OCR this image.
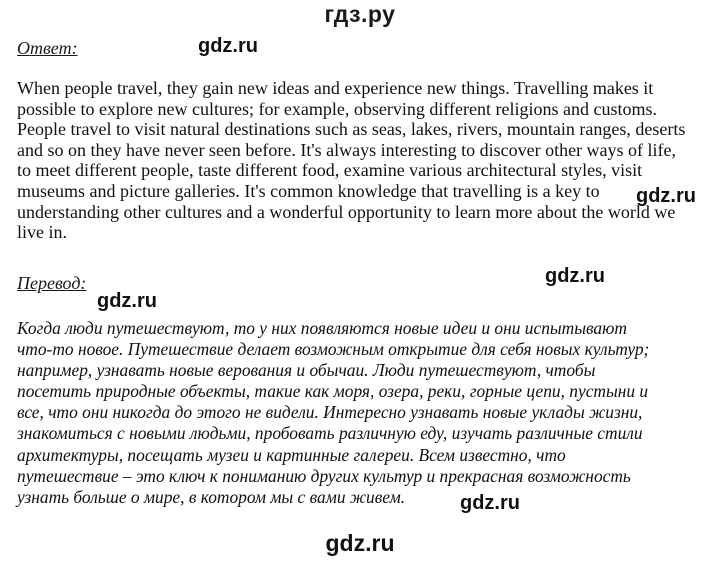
гдз.ру
Ответ:	gdz.ru
When people travel, they gain new ideas and experience new things. Travelling makes it
possible to explore new cultures; for example, observing different religions and customs.
People travel to visit natural destinations such as seas, lakes, rivers, mountain ranges, deserts
and so on they have never seen before. It's always interesting to discover other ways of life,
to meet different people, taste different food, examine various architectural styles, visit
museums and picture galleries. It's common knowledge that travelling is a key to
understanding other cultures and a wonderful opportunity to learn more about the world we
live in.
gdz.ru
Перевод:	gdz.ru
gdz.ru
Когда люди путешествуют, то у них появляются новые идеи и они испытывают
что-то новое. Путешествие делает возможным открытие для себя новых культур;
например, узнавать новые верования и обычаи. Люди путешествуют, чтобы
посетить природные объекты, такие как моря, озера, реки, горные цепи, пустыни и
все, что они никогда до этого не видели. Интересно узнавать новые уклады жизни,
знакомиться с новыми людьми, пробовать различную еду, изучать различные стили
архитектуры, посещать музеи и картинные галереи. Всем известно, что
путешествие – это ключ к пониманию других культур и прекрасная возможность
узнать больше о мире, в котором мы с вами живем.	gdz.ru
gdz.ru
